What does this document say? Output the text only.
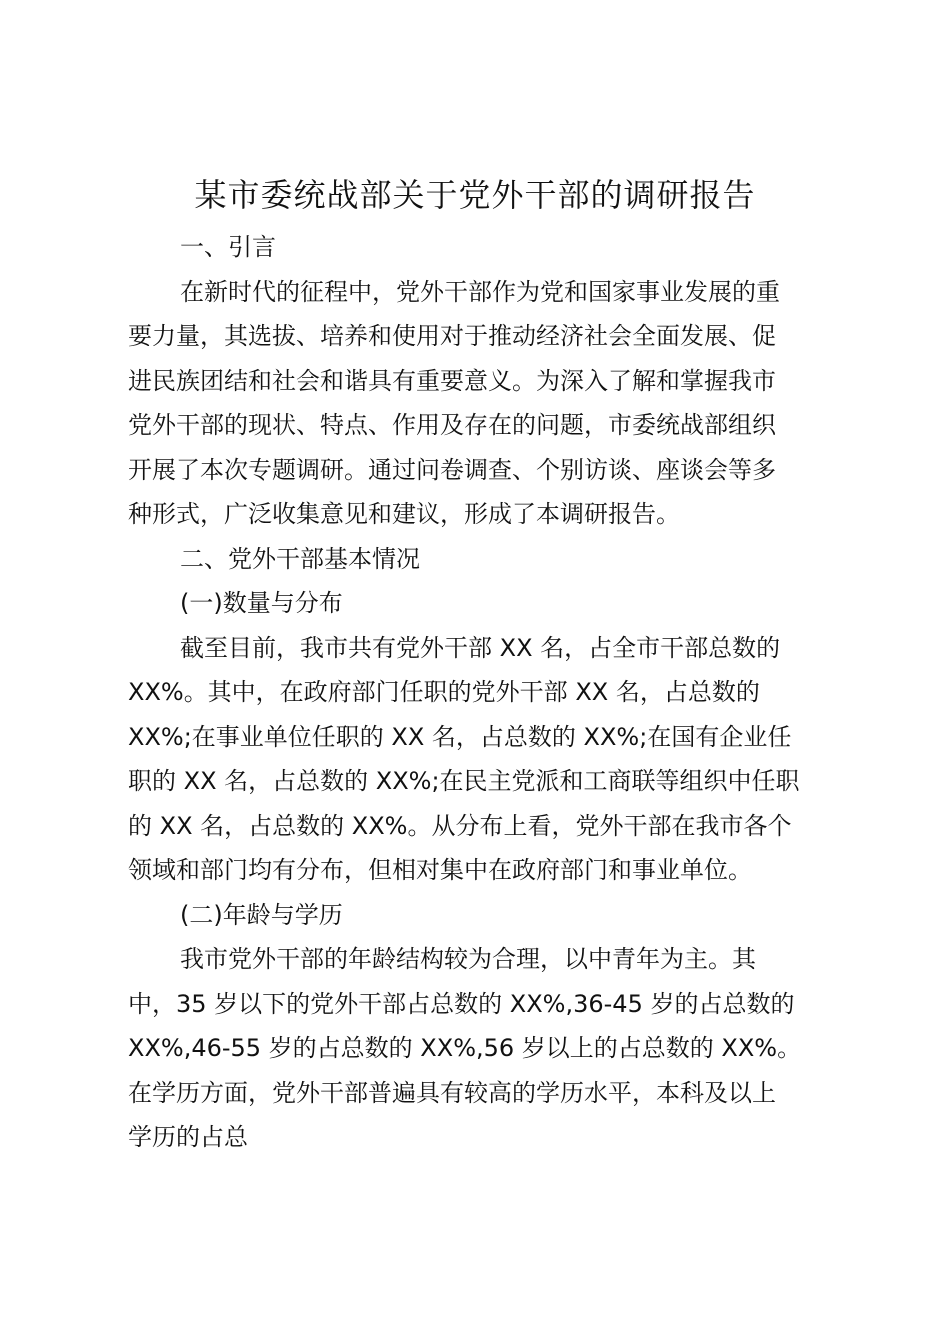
某市委统战部关于党外干部的调研报告

一、引言

在新时代的征程中，党外干部作为党和国家事业发展的重
要力量，其选拔、培养和使用对于推动经济社会全面发展、促
进民族团结和社会和谐具有重要意义。为深入了解和掌握我市
党外干部的现状、特点、作用及存在的问题，市委统战部组织
开展了本次专题调研。通过问卷调查、个别访谈、座谈会等多
种形式，广泛收集意见和建议，形成了本调研报告。

二、党外干部基本情况

(一)数量与分布

截至目前，我市共有党外干部 XX 名，占全市干部总数的
XX%。其中，在政府部门任职的党外干部 XX 名，占总数的
XX%;在事业单位任职的 XX 名，占总数的 XX%;在国有企业任
职的 XX 名，占总数的 XX%;在民主党派和工商联等组织中任职
的 XX 名，占总数的 XX%。从分布上看，党外干部在我市各个
领域和部门均有分布，但相对集中在政府部门和事业单位。

(二)年龄与学历

我市党外干部的年龄结构较为合理，以中青年为主。其
中，35 岁以下的党外干部占总数的 XX%,36-45 岁的占总数的
XX%,46-55 岁的占总数的 XX%,56 岁以上的占总数的 XX%。
在学历方面，党外干部普遍具有较高的学历水平，本科及以上
学历的占总
